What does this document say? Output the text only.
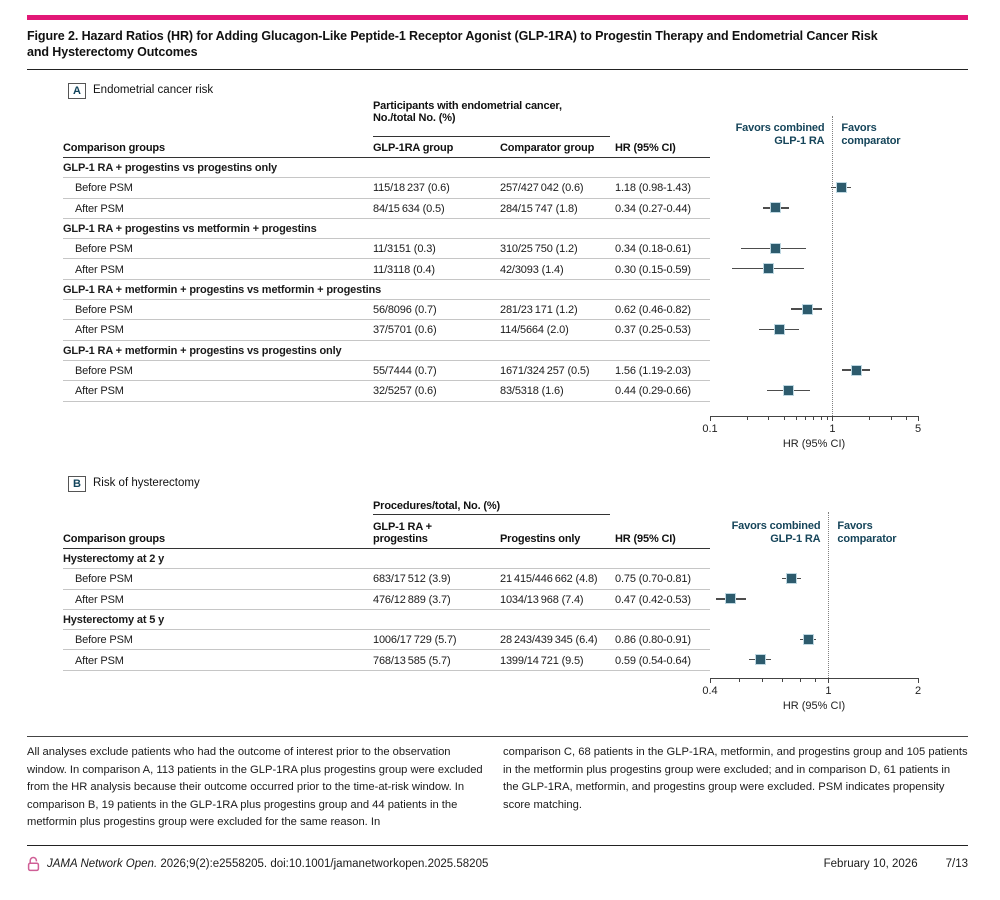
Figure 2. Hazard Ratios (HR) for Adding Glucagon-Like Peptide-1 Receptor Agonist (GLP-1RA) to Progestin Therapy and Endometrial Cancer Risk
and Hysterectomy Outcomes
A	Endometrial cancer risk
Participants with endometrial cancer,
No./total No. (%)
Comparison groups	GLP-1RA group	Comparator group HR (95% CI)
GLP-1 RA + progestins vs progestins only
Before PSM	115/18 237 (0.6)	257/427 042 (0.6)	1.18 (0.98-1.43)
After PSM	84/15 634 (0.5)	284/15 747 (1.8)	0.34 (0.27-0.44)
GLP-1 RA + progestins vs metformin + progestins
Before PSM	11/3151 (0.3)	310/25 750 (1.2)	0.34 (0.18-0.61)
After PSM	11/3118 (0.4)	42/3093 (1.4)	0.30 (0.15-0.59)
GLP-1 RA + metformin + progestins vs metformin + progestins
Before PSM	56/8096 (0.7)	281/23 171 (1.2)	0.62 (0.46-0.82)
After PSM	37/5701 (0.6)	114/5664 (2.0)	0.37 (0.25-0.53)
GLP-1 RA + metformin + progestins vs progestins only
Before PSM	55/7444 (0.7)	1671/324 257 (0.5) 1.56 (1.19-2.03)
After PSM	32/5257 (0.6)	83/5318 (1.6)	0.44 (0.29-0.66)
Favors combined
GLP-1 RA
Favors
comparator
0.1	1	5
HR (95% CI)
B	Risk of hysterectomy
Procedures/total, No. (%)
Comparison groups
GLP-1 RA +
progestins	Progestins only	HR (95% CI)
Hysterectomy at 2 y
Before PSM	683/17 512 (3.9)	21 415/446 662 (4.8) 0.75 (0.70-0.81)
After PSM	476/12 889 (3.7)	1034/13 968 (7.4)	0.47 (0.42-0.53)
Hysterectomy at 5 y
Before PSM	1006/17 729 (5.7)	28 243/439 345 (6.4) 0.86 (0.80-0.91)
After PSM	768/13 585 (5.7)	1399/14 721 (9.5)	0.59 (0.54-0.64)
Favors combined
GLP-1 RA
Favors
comparator
0.4	1	2
HR (95% CI)
All analyses exclude patients who had the outcome of interest prior to the observation window. In comparison A, 113 patients in the GLP-1RA plus progestins group were excluded from the HR analysis because their outcome occurred prior to the time-at-risk window. In comparison B, 19 patients in the GLP-1RA plus progestins group and 44 patients in the metformin plus progestins group were excluded for the same reason. In
comparison C, 68 patients in the GLP-1RA, metformin, and progestins group and 105 patients in the metformin plus progestins group were excluded; and in comparison D, 61 patients in the GLP-1RA, metformin, and progestins group were excluded. PSM indicates propensity score matching.
JAMA Network Open. 2026;9(2):e2558205. doi:10.1001/jamanetworkopen.2025.58205	February 10, 2026 7/13
